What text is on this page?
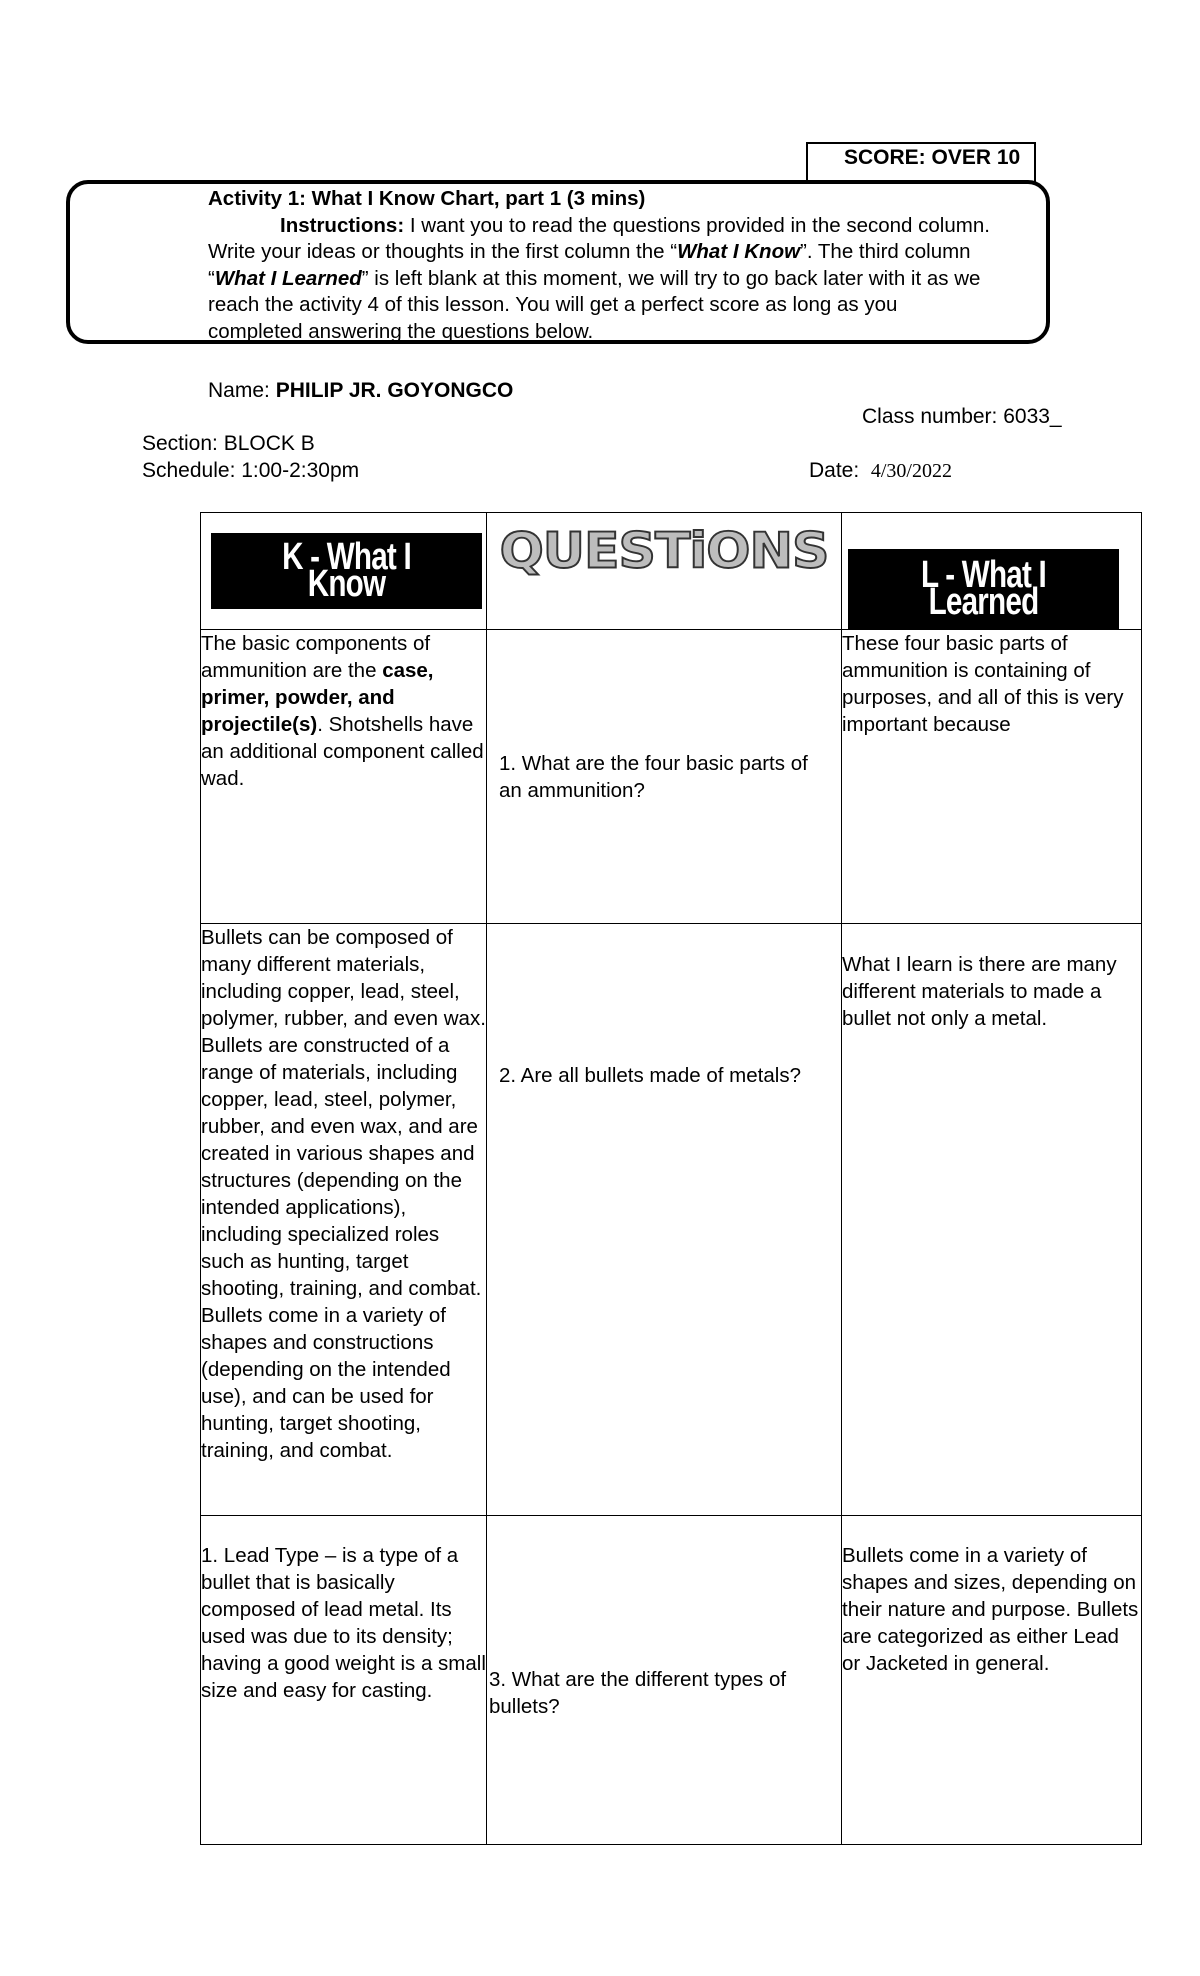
SCORE: OVER 10
Activity 1: What I Know Chart, part 1 (3 mins)
Instructions: I want you to read the questions provided in the second column.
Write your ideas or thoughts in the first column the “What I Know”. The third column
“What I Learned” is left blank at this moment, we will try to go back later with it as we
reach the activity 4 of this lesson. You will get a perfect score as long as you
completed answering the questions below.
Name: PHILIP JR. GOYONGCO
Class number: 6033_
Section: BLOCK B
Schedule: 1:00-2:30pm	Date: 4/30/2022
K - What I Know	QUESTiONS	L - What I Learned

The basic components of ammunition are the case, primer, powder, and projectile(s). Shotshells have an additional component called wad.	1. What are the four basic parts of an ammunition?	These four basic parts of ammunition is containing of purposes, and all of this is very important because
Bullets can be composed of many different materials, including copper, lead, steel, polymer, rubber, and even wax. Bullets are constructed of a range of materials, including copper, lead, steel, polymer, rubber, and even wax, and are created in various shapes and structures (depending on the intended applications), including specialized roles such as hunting, target shooting, training, and combat. Bullets come in a variety of shapes and constructions (depending on the intended use), and can be used for hunting, target shooting, training, and combat.	2. Are all bullets made of metals?	What I learn is there are many different materials to made a bullet not only a metal.
1. Lead Type – is a type of a bullet that is basically composed of lead metal. Its used was due to its density; having a good weight is a small size and easy for casting.	3. What are the different types of bullets?	Bullets come in a variety of shapes and sizes, depending on their nature and purpose. Bullets are categorized as either Lead or Jacketed in general.
